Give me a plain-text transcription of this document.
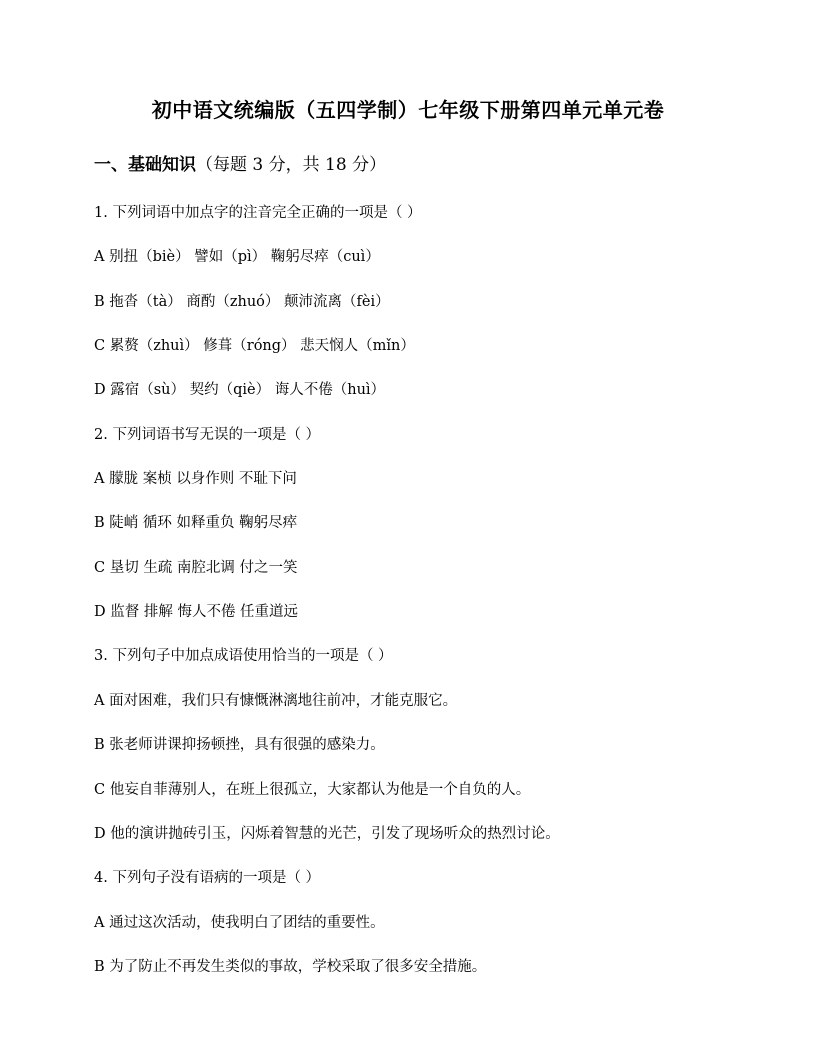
初中语文统编版（五四学制）七年级下册第四单元单元卷
一、基础知识（每题 3 分，共 18 分）
1. 下列词语中加点字的注音完全正确的一项是（ ）
A 别扭（biè） 譬如（pì） 鞠躬尽瘁（cuì）
B 拖沓（tà） 商酌（zhuó） 颠沛流离（fèi）
C 累赘（zhuì） 修葺（róng） 悲天悯人（mǐn）
D 露宿（sù） 契约（qiè） 诲人不倦（huì）
2. 下列词语书写无误的一项是（ ）
A 朦胧 案桢 以身作则 不耻下问
B 陡峭 循环 如释重负 鞠躬尽瘁
C 垦切 生疏 南腔北调 付之一笑
D 监督 排解 悔人不倦 任重道远
3. 下列句子中加点成语使用恰当的一项是（ ）
A 面对困难，我们只有慷慨淋漓地往前冲，才能克服它。
B 张老师讲课抑扬顿挫，具有很强的感染力。
C 他妄自菲薄别人，在班上很孤立，大家都认为他是一个自负的人。
D 他的演讲抛砖引玉，闪烁着智慧的光芒，引发了现场听众的热烈讨论。
4. 下列句子没有语病的一项是（ ）
A 通过这次活动，使我明白了团结的重要性。
B 为了防止不再发生类似的事故，学校采取了很多安全措施。
